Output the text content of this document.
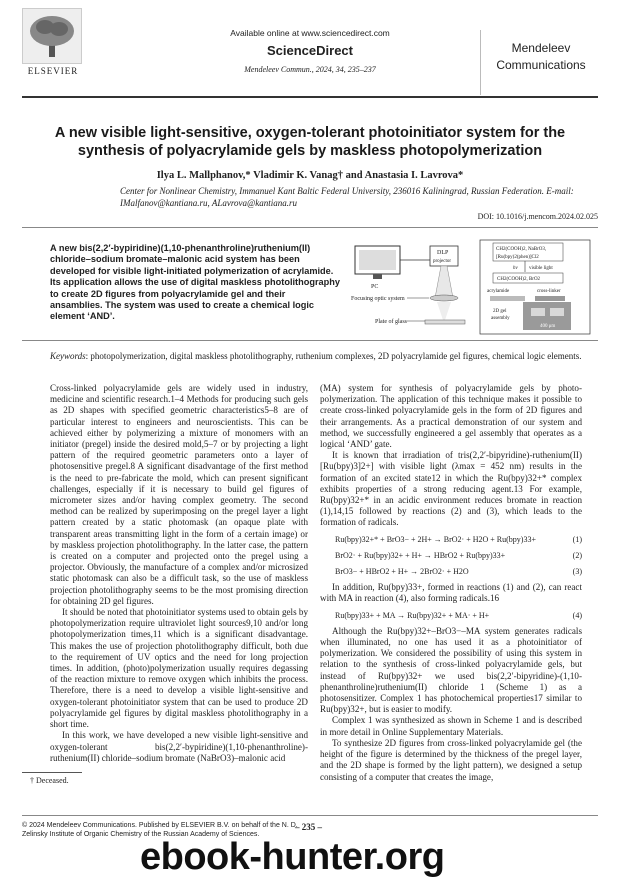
ELSEVIER
Available online at www.sciencedirect.com
ScienceDirect
Mendeleev Commun., 2024, 34, 235–237
Mendeleev
Communications
A new visible light-sensitive, oxygen-tolerant photoinitiator system for the synthesis of polyacrylamide gels by maskless photopolymerization
Ilya L. Mallphanov,* Vladimir K. Vanag† and Anastasia I. Lavrova*
Center for Nonlinear Chemistry, Immanuel Kant Baltic Federal University, 236016 Kaliningrad, Russian Federation. E-mail: IMalfanov@kantiana.ru, ALavrova@kantiana.ru
DOI: 10.1016/j.mencom.2024.02.025
A new bis(2,2′-bypiridine)(1,10-phenanthroline)ruthenium(II) chloride–sodium bromate–malonic acid system has been developed for visible light-initiated polymerization of acrylamide. Its application allows the use of digital maskless photolithography to create 2D figures from polyacrylamide gel and their ansamblies. The system was used to create a chemical logic element ‘AND’.
PC
DLP
projector
Focusing optic system
Plate of glass
CH2(COOH)2, NaBrO3,
[Ru(bpy)2(phen)]Cl2
hν visible light
CH2(COOH)2, BrO2
acrylamide	cross-linker
2D gel
assembly
400 μm
Keywords: photopolymerization, digital maskless photolithography, ruthenium complexes, 2D polyacrylamide gel figures, chemical logic elements.

Cross-linked polyacrylamide gels are widely used in industry, medicine and scientific research.1–4 Methods for producing such gels as 2D shapes with specified geometric characteristics5–8 are of particular interest to engineers and neuroscientists. This can be achieved either by polymerizing a mixture of monomers with an initiator (pregel) inside the desired mold,5–7 or by projecting a light pattern of the required geometric parameters onto a layer of photosensitive pregel.8 A significant disadvantage of the first method is the need to pre-fabricate the mold, which can present significant challenges, especially if it is necessary to build gel figures of micrometer sizes and/or having complex geometry. The second method can be realized by superimposing on the pregel layer a light pattern created by a static photomask (an opaque plate with transparent areas transmitting light in the form of a certain image) or by maskless projection photolithography. In the latter case, the pattern is created on a computer and projected onto the pregel using a projector. Obviously, the manufacture of a complex and/or microsized static photomask can also be a difficult task, so the use of maskless projection photolithography seems to be the most promising direction for obtaining 2D gel figures.

It should be noted that photoinitiator systems used to obtain gels by photopolymerization require ultraviolet light sources9,10 and/or long photopolymerization times,11 which is a significant disadvantage. This makes the use of projection photolithography difficult, both due to the requirement of UV optics and the need for long projection times. In addition, (photo)polymerization usually requires degassing of the reaction mixture to remove oxygen which inhibits the process. Therefore, there is a need to develop a visible light-sensitive and oxygen-tolerant photoinitiator system that can be used to produce 2D polyacrylamide gel figures by digital maskless photolithography in a short time.

In this work, we have developed a new visible light-sensitive and oxygen-tolerant bis(2,2′-bypiridine)(1,10-phenanthroline)-ruthenium(II) chloride–sodium bromate (NaBrO3)–malonic acid

(MA) system for synthesis of polyacrylamide gels by photo-polymerization. The application of this technique makes it possible to create cross-linked polyacrylamide gels in the form of 2D figures and their arrangements. As a practical demonstration of our system and method, we successfully engineered a gel assembly that operates as a logical ‘AND’ gate.

It is known that irradiation of tris(2,2′-bipyridine)-ruthenium(II) [Ru(bpy)3]2+] with visible light (λmax = 452 nm) results in the formation of an excited state12 in which the Ru(bpy)32+* complex exhibits properties of a strong reducing agent.13 For example, Ru(bpy)32+* in an acidic environment reduces bromate in reaction (1),14,15 followed by reactions (2) and (3), which leads to the formation of radicals.

Ru(bpy)32+* + BrO3− + 2H+ → BrO2· + H2O + Ru(bpy)33+	(1)
BrO2· + Ru(bpy)32+ + H+ → HBrO2 + Ru(bpy)33+	(2)
BrO3− + HBrO2 + H+ → 2BrO2· + H2O	(3)

In addition, Ru(bpy)33+, formed in reactions (1) and (2), can react with MA in reaction (4), also forming radicals.16

Ru(bpy)33+ + MA → Ru(bpy)32+ + MA· + H+	(4)

Although the Ru(bpy)32+–BrO3−–MA system generates radicals when illuminated, no one has used it as a photoinitiator of polymerization. We considered the possibility of using this system in relation to the synthesis of cross-linked polyacrylamide gels, but instead of Ru(bpy)32+ we used bis(2,2′-bipyridine)-(1,10-phenanthroline)ruthenium(II) chloride 1 (Scheme 1) as a photosensitizer. Complex 1 has photochemical properties17 similar to Ru(bpy)32+, but is easier to modify.

Complex 1 was synthesized as shown in Scheme 1 and is described in more detail in Online Supplementary Materials.

To synthesize 2D figures from cross-linked polyacrylamide gel (the height of the figure is determined by the thickness of the pregel layer, and the 2D shape is formed by the light pattern), we designed a setup consisting of a computer that creates the image,

† Deceased.
© 2024 Mendeleev Communications. Published by ELSEVIER B.V. on behalf of the N. D. Zelinsky Institute of Organic Chemistry of the Russian Academy of Sciences.
– 235 –
ebook-hunter.org
